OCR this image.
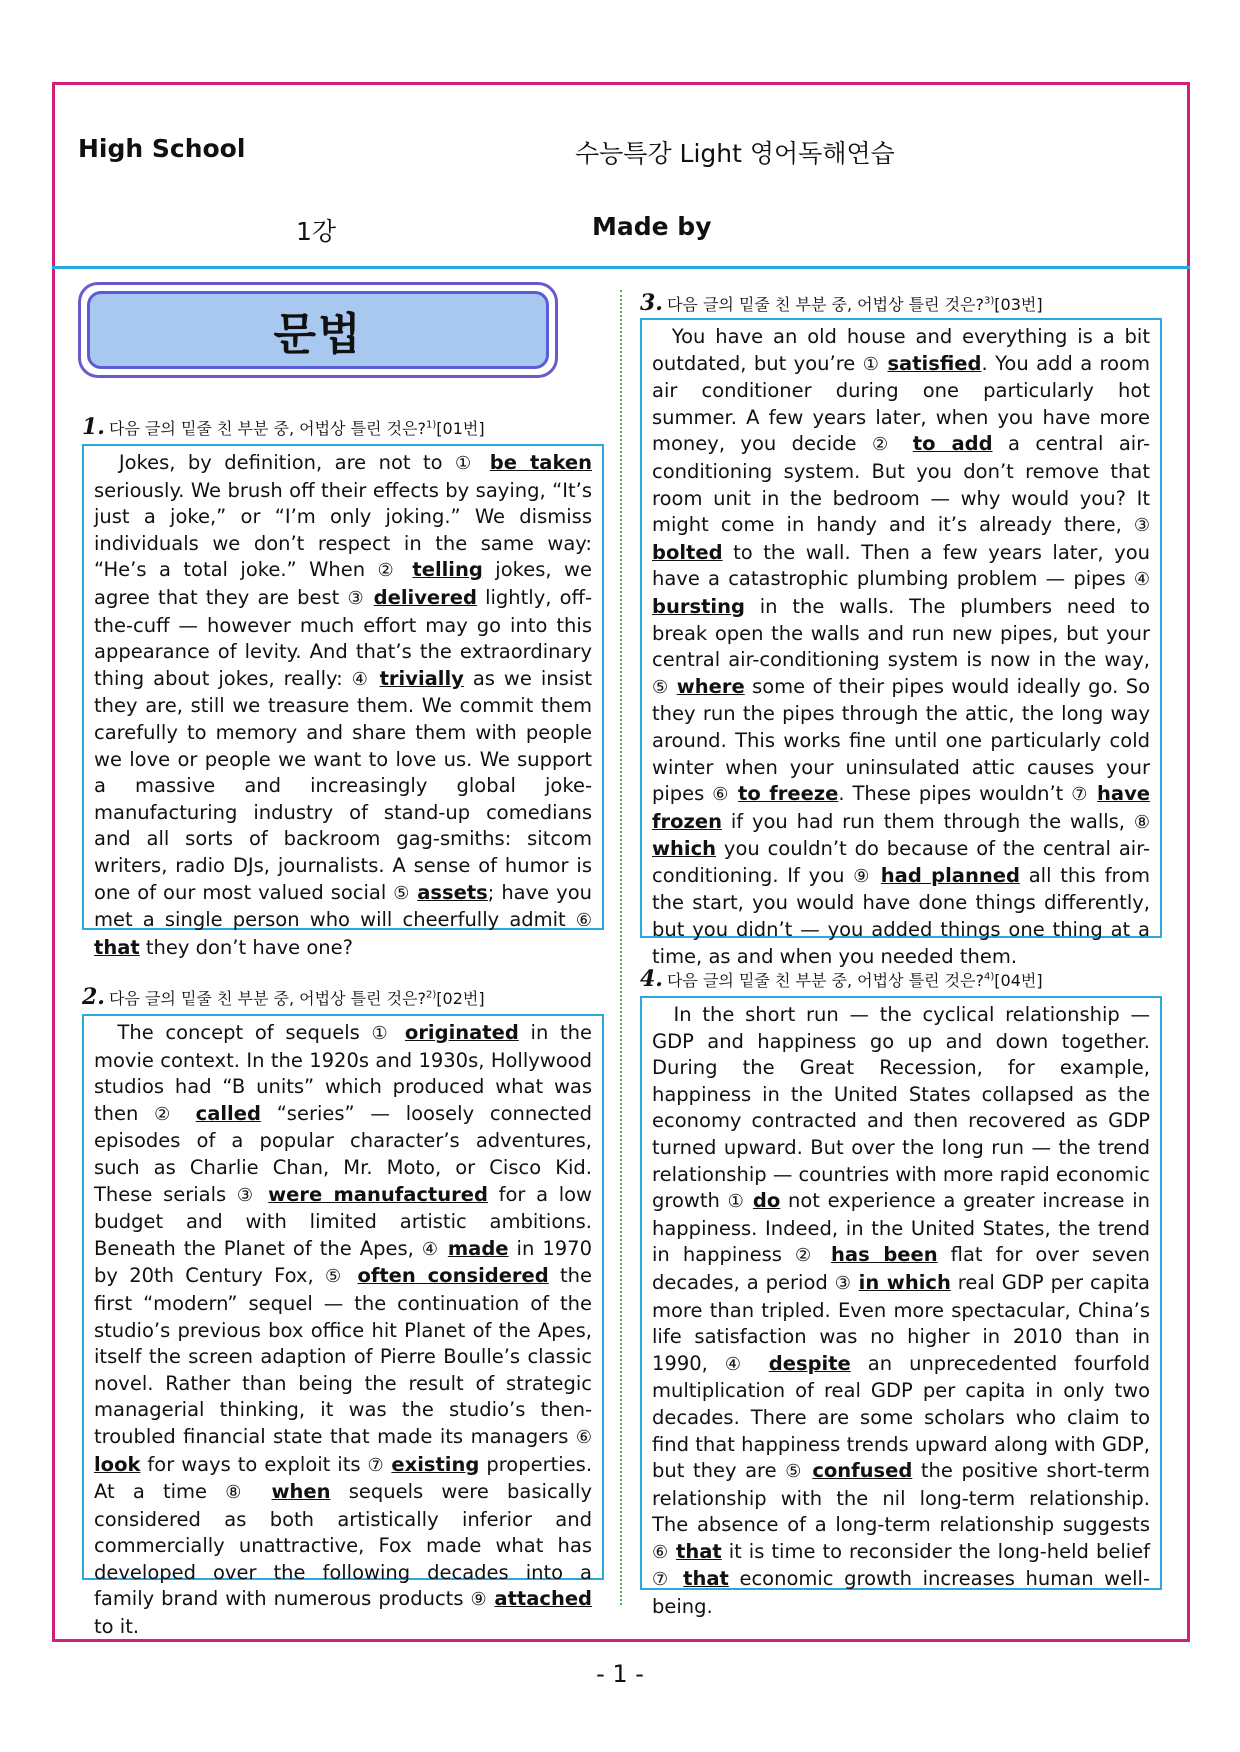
High School	수능특강 Light 영어독해연습
1강	Made by
문법
1. 다음 글의 밑줄 친 부분 중, 어법상 틀린 것은?$^{1)}$[01번]
Jokes, by definition, are not to ① be taken seriously. We brush off their effects by saying, “It’s just a joke,” or “I’m only joking.” We dismiss individuals we don’t respect in the same way: “He’s a total joke.” When ② telling jokes, we agree that they are best ③ delivered lightly, off-the-cuff — however much effort may go into this appearance of levity. And that’s the extraordinary thing about jokes, really: ④ trivially as we insist they are, still we treasure them. We commit them carefully to memory and share them with people we love or people we want to love us. We support a massive and increasingly global joke-manufacturing industry of stand-up comedians and all sorts of backroom gag-smiths: sitcom writers, radio DJs, journalists. A sense of humor is one of our most valued social ⑤ assets; have you met a single person who will cheerfully admit ⑥ that they don’t have one?
2. 다음 글의 밑줄 친 부분 중, 어법상 틀린 것은?$^{2)}$[02번]
The concept of sequels ① originated in the movie context. In the 1920s and 1930s, Hollywood studios had “B units” which produced what was then ② called “series” — loosely connected episodes of a popular character’s adventures, such as Charlie Chan, Mr. Moto, or Cisco Kid. These serials ③ were manufactured for a low budget and with limited artistic ambitions. Beneath the Planet of the Apes, ④ made in 1970 by 20th Century Fox, ⑤ often considered the first “modern” sequel — the continuation of the studio’s previous box office hit Planet of the Apes, itself the screen adaption of Pierre Boulle’s classic novel. Rather than being the result of strategic managerial thinking, it was the studio’s then-troubled financial state that made its managers ⑥ look for ways to exploit its ⑦ existing properties. At a time ⑧ when sequels were basically considered as both artistically inferior and commercially unattractive, Fox made what has developed over the following decades into a family brand with numerous products ⑨ attached to it.
3. 다음 글의 밑줄 친 부분 중, 어법상 틀린 것은?$^{3)}$[03번]
You have an old house and everything is a bit outdated, but you’re ① satisfied. You add a room air conditioner during one particularly hot summer. A few years later, when you have more money, you decide ② to add a central air-conditioning system. But you don’t remove that room unit in the bedroom — why would you? It might come in handy and it’s already there, ③ bolted to the wall. Then a few years later, you have a catastrophic plumbing problem — pipes ④ bursting in the walls. The plumbers need to break open the walls and run new pipes, but your central air-conditioning system is now in the way, ⑤ where some of their pipes would ideally go. So they run the pipes through the attic, the long way around. This works fine until one particularly cold winter when your uninsulated attic causes your pipes ⑥ to freeze. These pipes wouldn’t ⑦ have frozen if you had run them through the walls, ⑧ which you couldn’t do because of the central air-conditioning. If you ⑨ had planned all this from the start, you would have done things differently, but you didn’t — you added things one thing at a time, as and when you needed them.
4. 다음 글의 밑줄 친 부분 중, 어법상 틀린 것은?$^{4)}$[04번]
In the short run — the cyclical relationship — GDP and happiness go up and down together. During the Great Recession, for example, happiness in the United States collapsed as the economy contracted and then recovered as GDP turned upward. But over the long run — the trend relationship — countries with more rapid economic growth ① do not experience a greater increase in happiness. Indeed, in the United States, the trend in happiness ② has been flat for over seven decades, a period ③ in which real GDP per capita more than tripled. Even more spectacular, China’s life satisfaction was no higher in 2010 than in 1990, ④ despite an unprecedented fourfold multiplication of real GDP per capita in only two decades. There are some scholars who claim to find that happiness trends upward along with GDP, but they are ⑤ confused the positive short-term relationship with the nil long-term relationship. The absence of a long-term relationship suggests ⑥ that it is time to reconsider the long-held belief ⑦ that economic growth increases human well-being.
- 1 -
